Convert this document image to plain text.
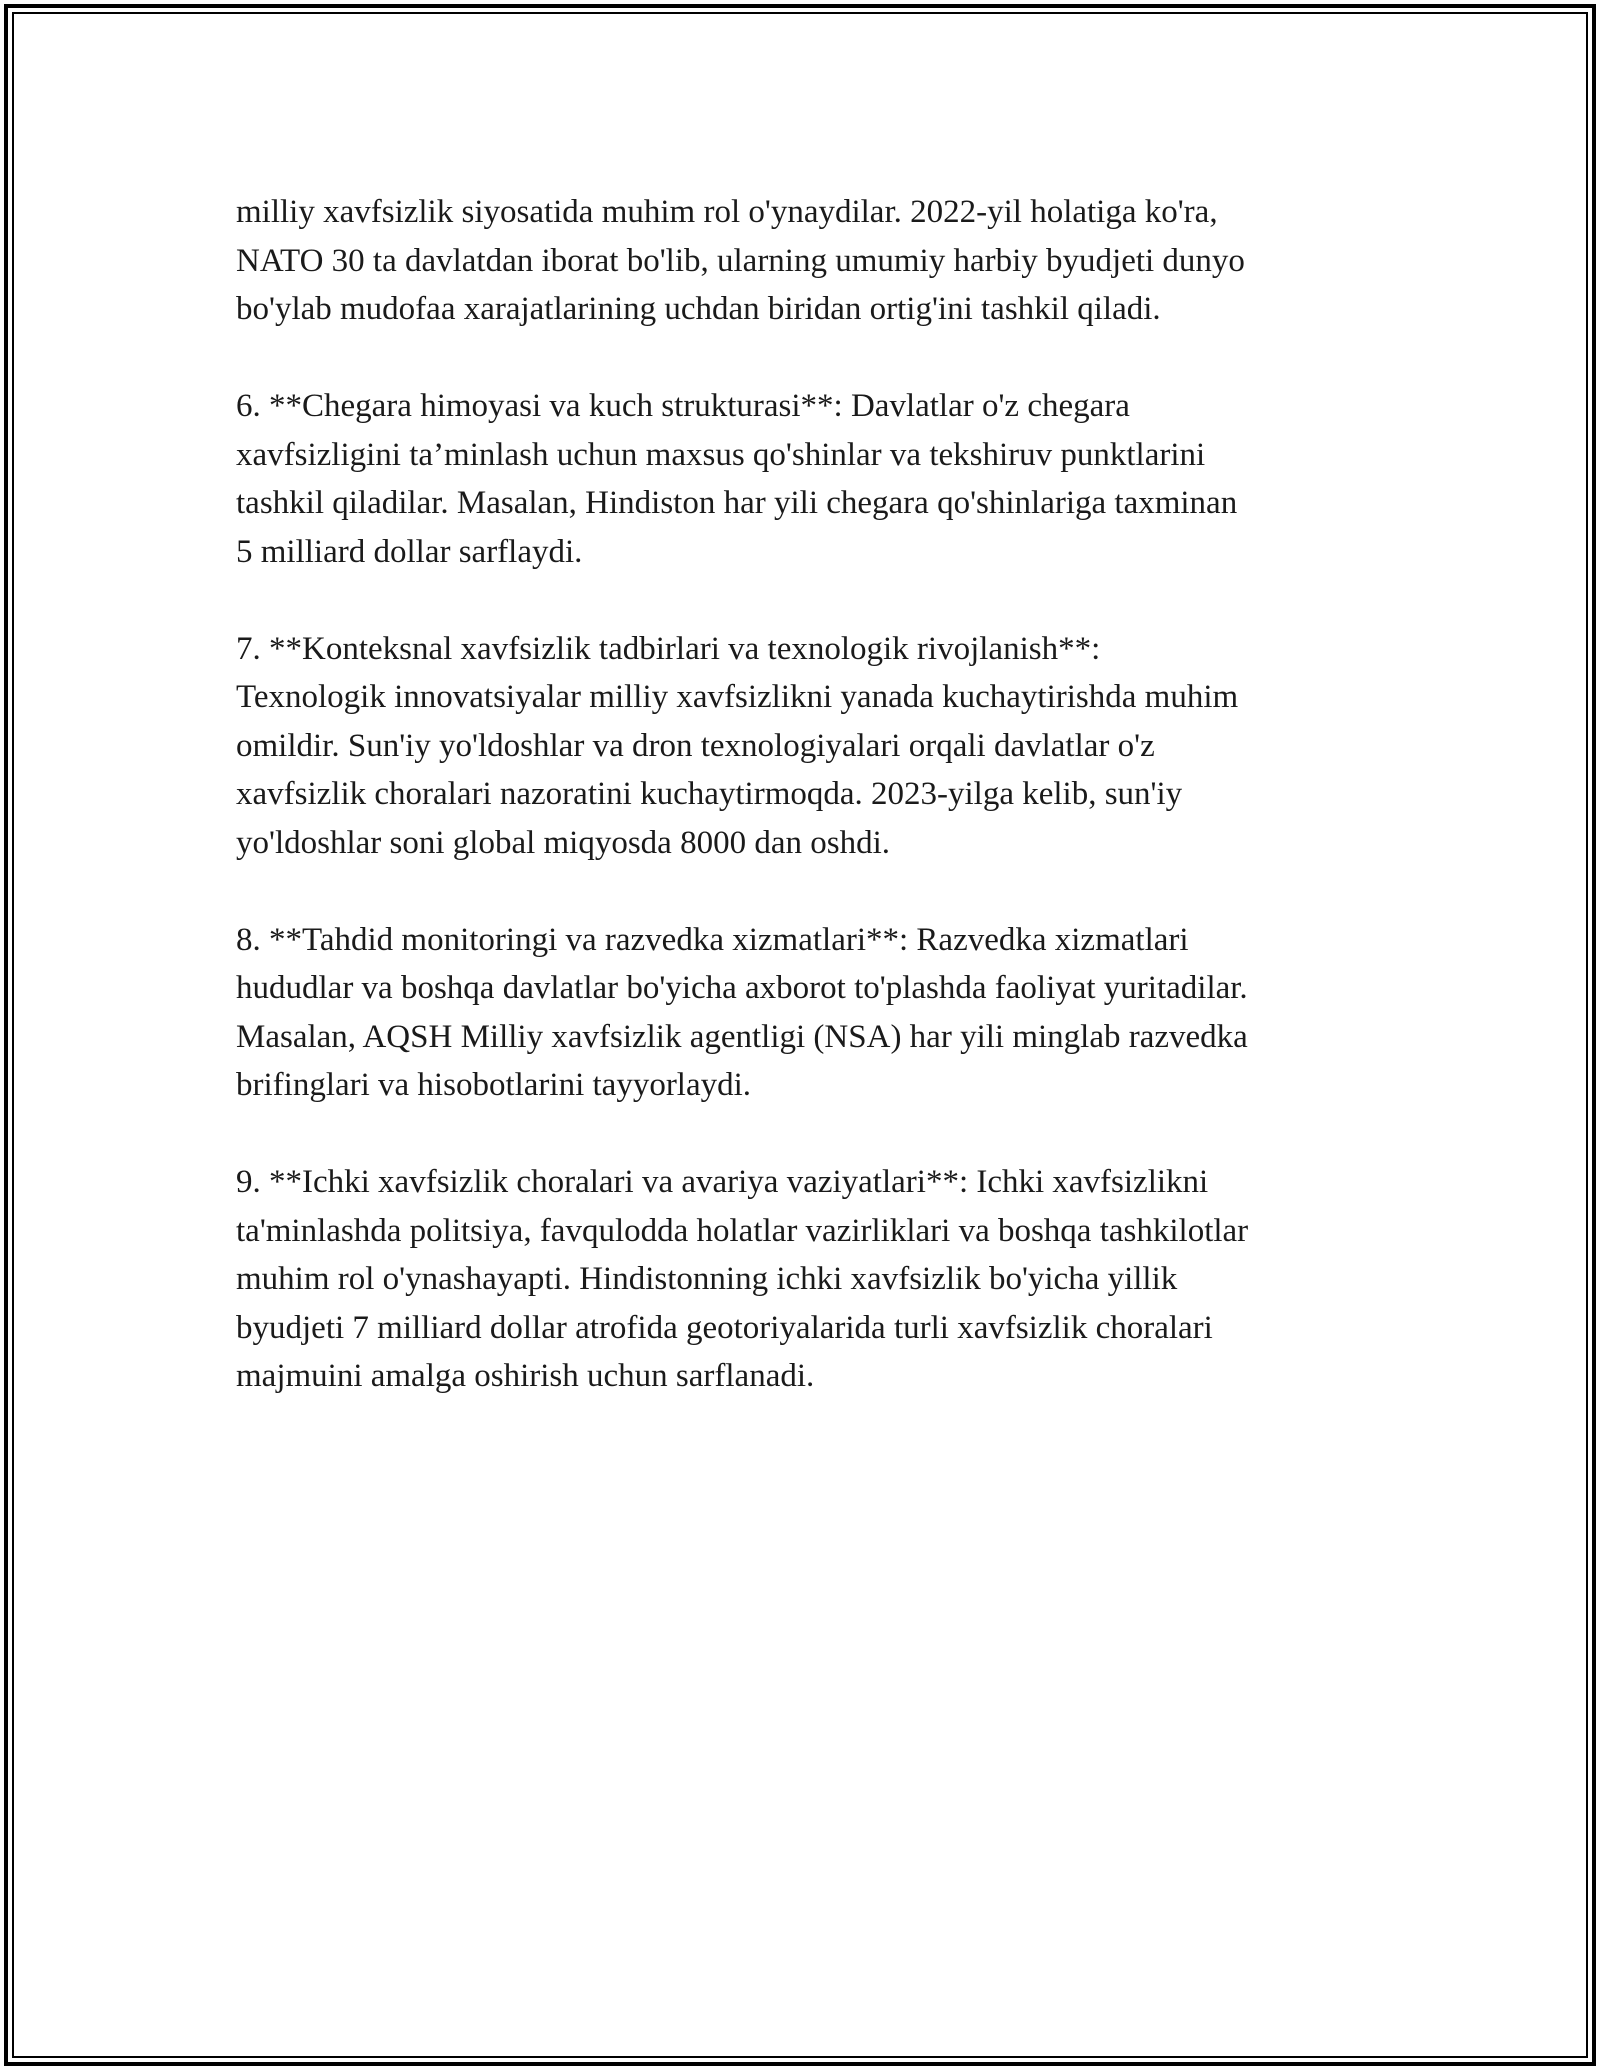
milliy xavfsizlik siyosatida muhim rol o'ynaydilar. 2022-yil holatiga ko'ra,
NATO 30 ta davlatdan iborat bo'lib, ularning umumiy harbiy byudjeti dunyo
bo'ylab mudofaa xarajatlarining uchdan biridan ortig'ini tashkil qiladi.

6. **Chegara himoyasi va kuch strukturasi**: Davlatlar o'z chegara
xavfsizligini ta’minlash uchun maxsus qo'shinlar va tekshiruv punktlarini
tashkil qiladilar. Masalan, Hindiston har yili chegara qo'shinlariga taxminan
5 milliard dollar sarflaydi.

7. **Konteksnal xavfsizlik tadbirlari va texnologik rivojlanish**:
Texnologik innovatsiyalar milliy xavfsizlikni yanada kuchaytirishda muhim
omildir. Sun'iy yo'ldoshlar va dron texnologiyalari orqali davlatlar o'z
xavfsizlik choralari nazoratini kuchaytirmoqda. 2023-yilga kelib, sun'iy
yo'ldoshlar soni global miqyosda 8000 dan oshdi.

8. **Tahdid monitoringi va razvedka xizmatlari**: Razvedka xizmatlari
hududlar va boshqa davlatlar bo'yicha axborot to'plashda faoliyat yuritadilar.
Masalan, AQSH Milliy xavfsizlik agentligi (NSA) har yili minglab razvedka
brifinglari va hisobotlarini tayyorlaydi.

9. **Ichki xavfsizlik choralari va avariya vaziyatlari**: Ichki xavfsizlikni
ta'minlashda politsiya, favqulodda holatlar vazirliklari va boshqa tashkilotlar
muhim rol o'ynashayapti. Hindistonning ichki xavfsizlik bo'yicha yillik
byudjeti 7 milliard dollar atrofida geotoriyalarida turli xavfsizlik choralari
majmuini amalga oshirish uchun sarflanadi.
